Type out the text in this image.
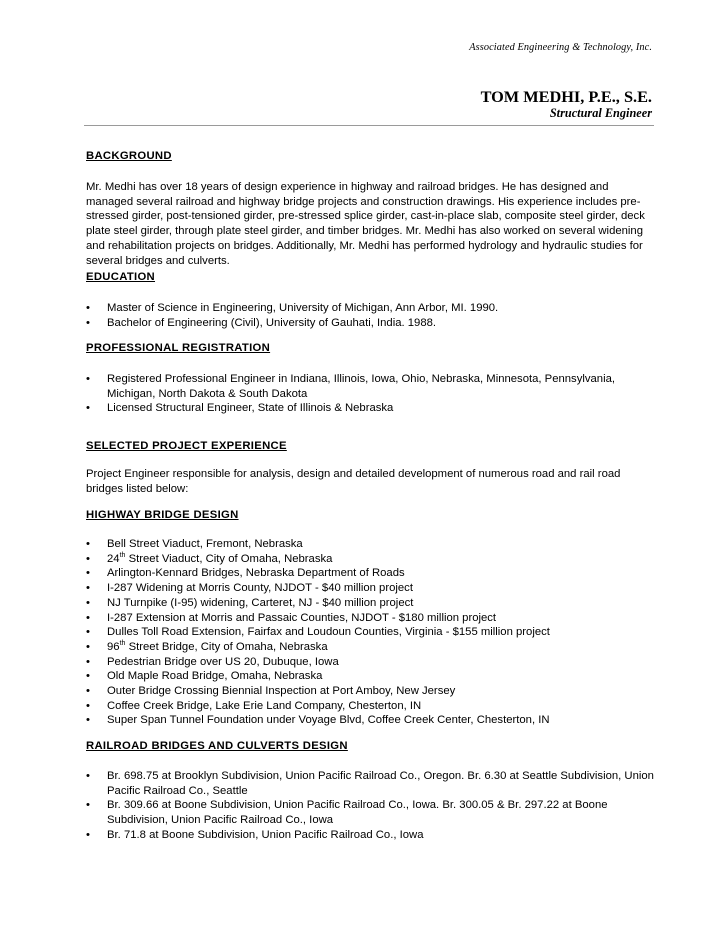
Associated Engineering & Technology, Inc.
TOM MEDHI, P.E., S.E.
Structural Engineer
BACKGROUND

Mr. Medhi has over 18 years of design experience in highway and railroad bridges. He has designed and managed several railroad and highway bridge projects and construction drawings. His experience includes pre-stressed girder, post-tensioned girder, pre-stressed splice girder, cast-in-place slab, composite steel girder, deck plate steel girder, through plate steel girder, and timber bridges. Mr. Medhi has also worked on several widening and rehabilitation projects on bridges. Additionally, Mr. Medhi has performed hydrology and hydraulic studies for several bridges and culverts.

EDUCATION
• Master of Science in Engineering, University of Michigan, Ann Arbor, MI. 1990.
• Bachelor of Engineering (Civil), University of Gauhati, India. 1988.
PROFESSIONAL REGISTRATION
• Registered Professional Engineer in Indiana, Illinois, Iowa, Ohio, Nebraska, Minnesota, Pennsylvania, Michigan, North Dakota & South Dakota
• Licensed Structural Engineer, State of Illinois & Nebraska
SELECTED PROJECT EXPERIENCE

Project Engineer responsible for analysis, design and detailed development of numerous road and rail road bridges listed below:

HIGHWAY BRIDGE DESIGN
• Bell Street Viaduct, Fremont, Nebraska
• 24th Street Viaduct, City of Omaha, Nebraska
• Arlington-Kennard Bridges, Nebraska Department of Roads
• I-287 Widening at Morris County, NJDOT - $40 million project
• NJ Turnpike (I-95) widening, Carteret, NJ - $40 million project
• I-287 Extension at Morris and Passaic Counties, NJDOT - $180 million project
• Dulles Toll Road Extension, Fairfax and Loudoun Counties, Virginia - $155 million project
• 96th Street Bridge, City of Omaha, Nebraska
• Pedestrian Bridge over US 20, Dubuque, Iowa
• Old Maple Road Bridge, Omaha, Nebraska
• Outer Bridge Crossing Biennial Inspection at Port Amboy, New Jersey
• Coffee Creek Bridge, Lake Erie Land Company, Chesterton, IN
• Super Span Tunnel Foundation under Voyage Blvd, Coffee Creek Center, Chesterton, IN
RAILROAD BRIDGES AND CULVERTS DESIGN
• Br. 698.75 at Brooklyn Subdivision, Union Pacific Railroad Co., Oregon. Br. 6.30 at Seattle Subdivision, Union Pacific Railroad Co., Seattle
• Br. 309.66 at Boone Subdivision, Union Pacific Railroad Co., Iowa. Br. 300.05 & Br. 297.22 at Boone Subdivision, Union Pacific Railroad Co., Iowa
• Br. 71.8 at Boone Subdivision, Union Pacific Railroad Co., Iowa
